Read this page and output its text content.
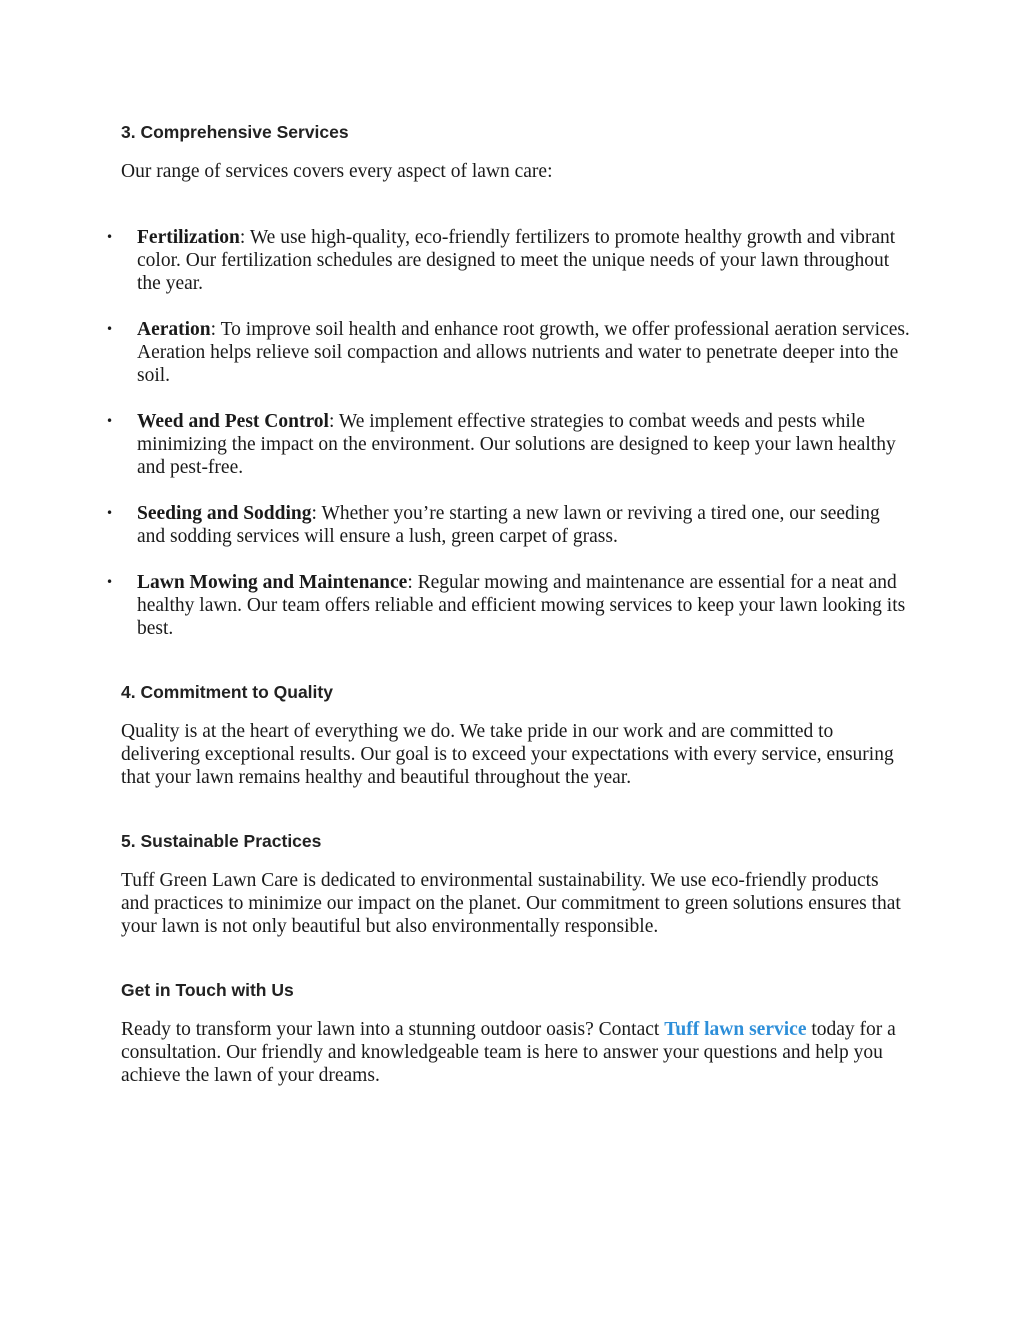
3. Comprehensive Services

Our range of services covers every aspect of lawn care:

• Fertilization: We use high-quality, eco-friendly fertilizers to promote healthy growth and vibrant color. Our fertilization schedules are designed to meet the unique needs of your lawn throughout the year.
• Aeration: To improve soil health and enhance root growth, we offer professional aeration services. Aeration helps relieve soil compaction and allows nutrients and water to penetrate deeper into the soil.
• Weed and Pest Control: We implement effective strategies to combat weeds and pests while minimizing the impact on the environment. Our solutions are designed to keep your lawn healthy and pest-free.
• Seeding and Sodding: Whether you’re starting a new lawn or reviving a tired one, our seeding and sodding services will ensure a lush, green carpet of grass.
• Lawn Mowing and Maintenance: Regular mowing and maintenance are essential for a neat and healthy lawn. Our team offers reliable and efficient mowing services to keep your lawn looking its best.
4. Commitment to Quality

Quality is at the heart of everything we do. We take pride in our work and are committed to delivering exceptional results. Our goal is to exceed your expectations with every service, ensuring that your lawn remains healthy and beautiful throughout the year.

5. Sustainable Practices

Tuff Green Lawn Care is dedicated to environmental sustainability. We use eco-friendly products and practices to minimize our impact on the planet. Our commitment to green solutions ensures that your lawn is not only beautiful but also environmentally responsible.

Get in Touch with Us

Ready to transform your lawn into a stunning outdoor oasis? Contact Tuff lawn service today for a consultation. Our friendly and knowledgeable team is here to answer your questions and help you achieve the lawn of your dreams.
